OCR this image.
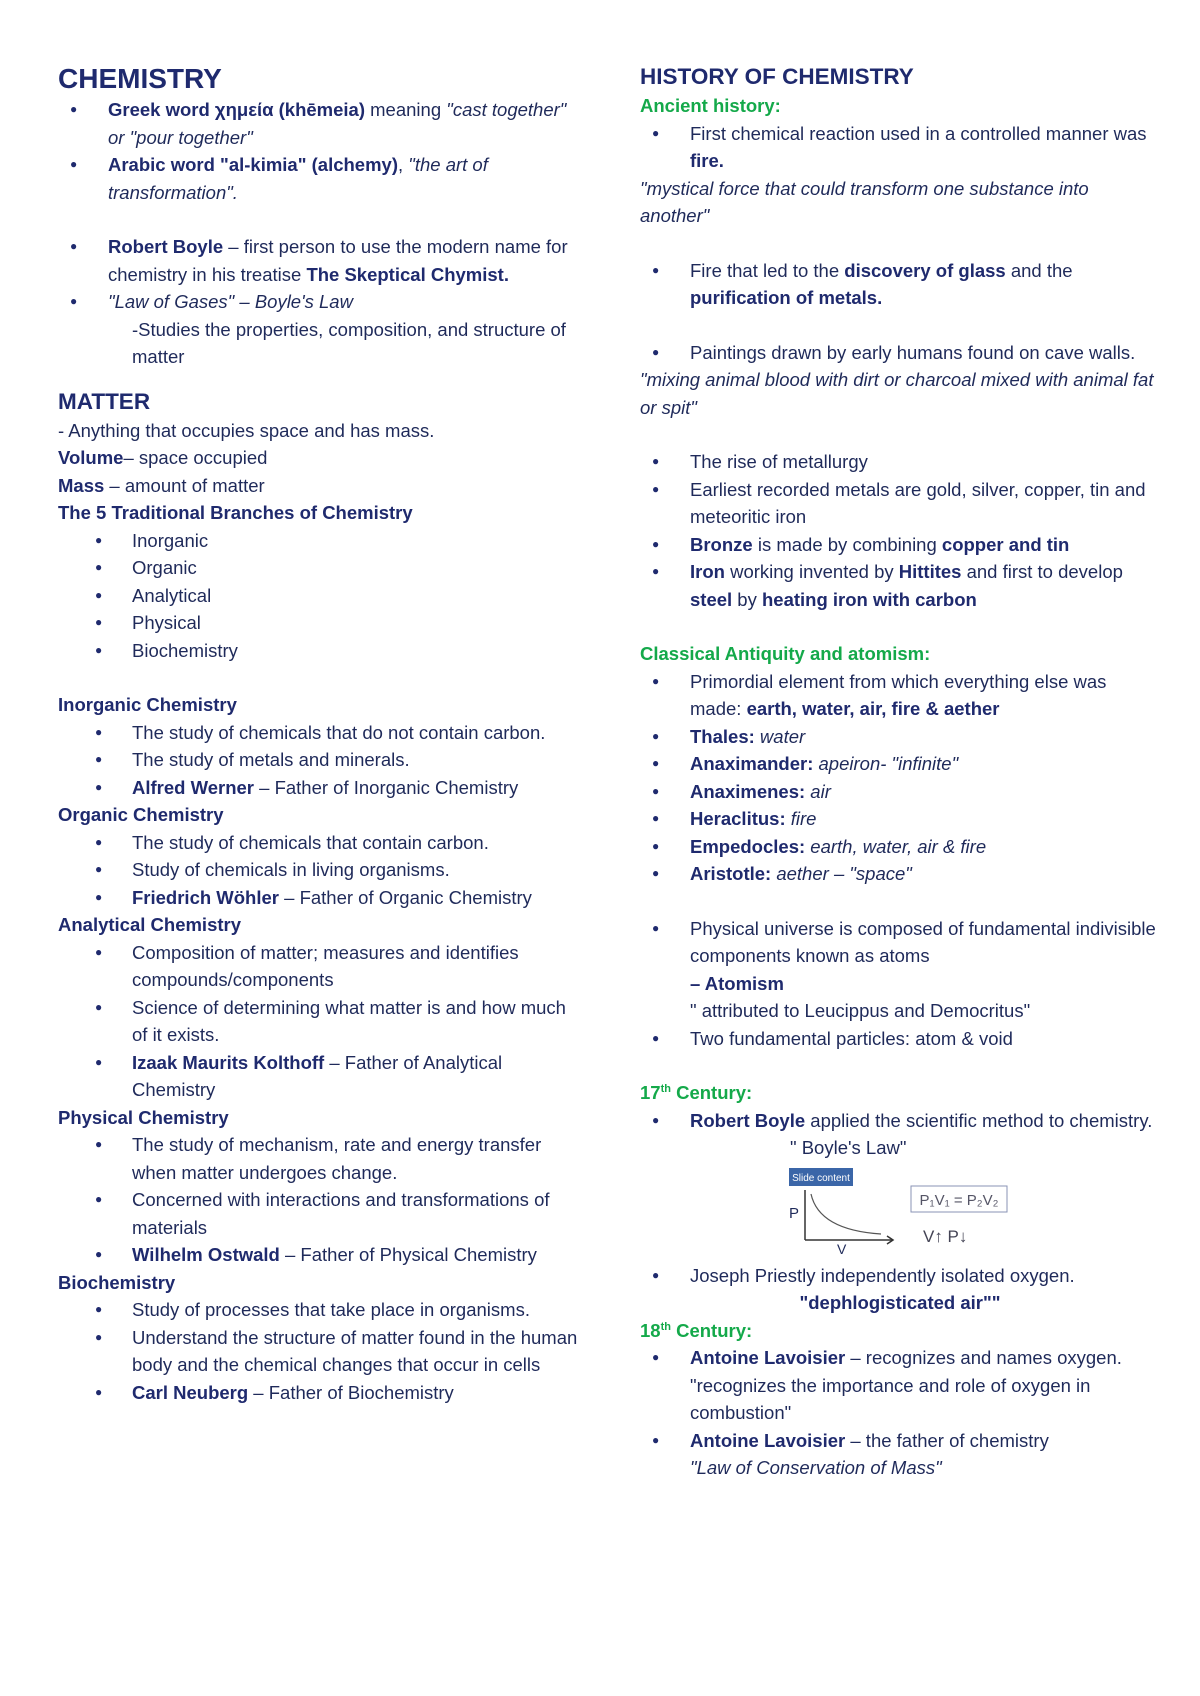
CHEMISTRY
● Greek word χημεία (khēmeia) meaning "cast together" or "pour together"
● Arabic word "al-kimia" (alchemy), "the art of transformation".
● Robert Boyle – first person to use the modern name for chemistry in his treatise The Skeptical Chymist.
● "Law of Gases" – Boyle's Law

-Studies the properties, composition, and structure of matter

MATTER

- Anything that occupies space and has mass.

Volume– space occupied

Mass – amount of matter

The 5 Traditional Branches of Chemistry

● Inorganic
● Organic
● Analytical
● Physical
● Biochemistry

Inorganic Chemistry

● The study of chemicals that do not contain carbon.
● The study of metals and minerals.
● Alfred Werner – Father of Inorganic Chemistry

Organic Chemistry

● The study of chemicals that contain carbon.
● Study of chemicals in living organisms.
● Friedrich Wöhler – Father of Organic Chemistry

Analytical Chemistry

● Composition of matter; measures and identifies compounds/components
● Science of determining what matter is and how much of it exists.
● Izaak Maurits Kolthoff – Father of Analytical Chemistry

Physical Chemistry

● The study of mechanism, rate and energy transfer when matter undergoes change.
● Concerned with interactions and transformations of materials
● Wilhelm Ostwald – Father of Physical Chemistry

Biochemistry

● Study of processes that take place in organisms.
● Understand the structure of matter found in the human body and the chemical changes that occur in cells
● Carl Neuberg – Father of Biochemistry
HISTORY OF CHEMISTRY

Ancient history:

● First chemical reaction used in a controlled manner was fire.

"mystical force that could transform one substance into another"

● Fire that led to the discovery of glass and the purification of metals.
● Paintings drawn by early humans found on cave walls.

"mixing animal blood with dirt or charcoal mixed with animal fat or spit"

● The rise of metallurgy
● Earliest recorded metals are gold, silver, copper, tin and meteoritic iron
● Bronze is made by combining copper and tin
● Iron working invented by Hittites and first to develop steel by heating iron with carbon

Classical Antiquity and atomism:

● Primordial element from which everything else was made: earth, water, air, fire & aether
● Thales: water
● Anaximander: apeiron- "infinite"
● Anaximenes: air
● Heraclitus: fire
● Empedocles: earth, water, air & fire
● Aristotle: aether – "space"
● Physical universe is composed of fundamental indivisible components known as atoms
– Atomism
" attributed to Leucippus and Democritus"
● Two fundamental particles: atom & void

17th Century:

● Robert Boyle applied the scientific method to chemistry.

" Boyle's Law"

Slide content
P
V
P₁V₁ = P₂V₂
V↑ P↓
● Joseph Priestly independently isolated oxygen.

"dephlogisticated air""

18th Century:

● Antoine Lavoisier – recognizes and names oxygen.
"recognizes the importance and role of oxygen in combustion"
● Antoine Lavoisier – the father of chemistry
"Law of Conservation of Mass"
